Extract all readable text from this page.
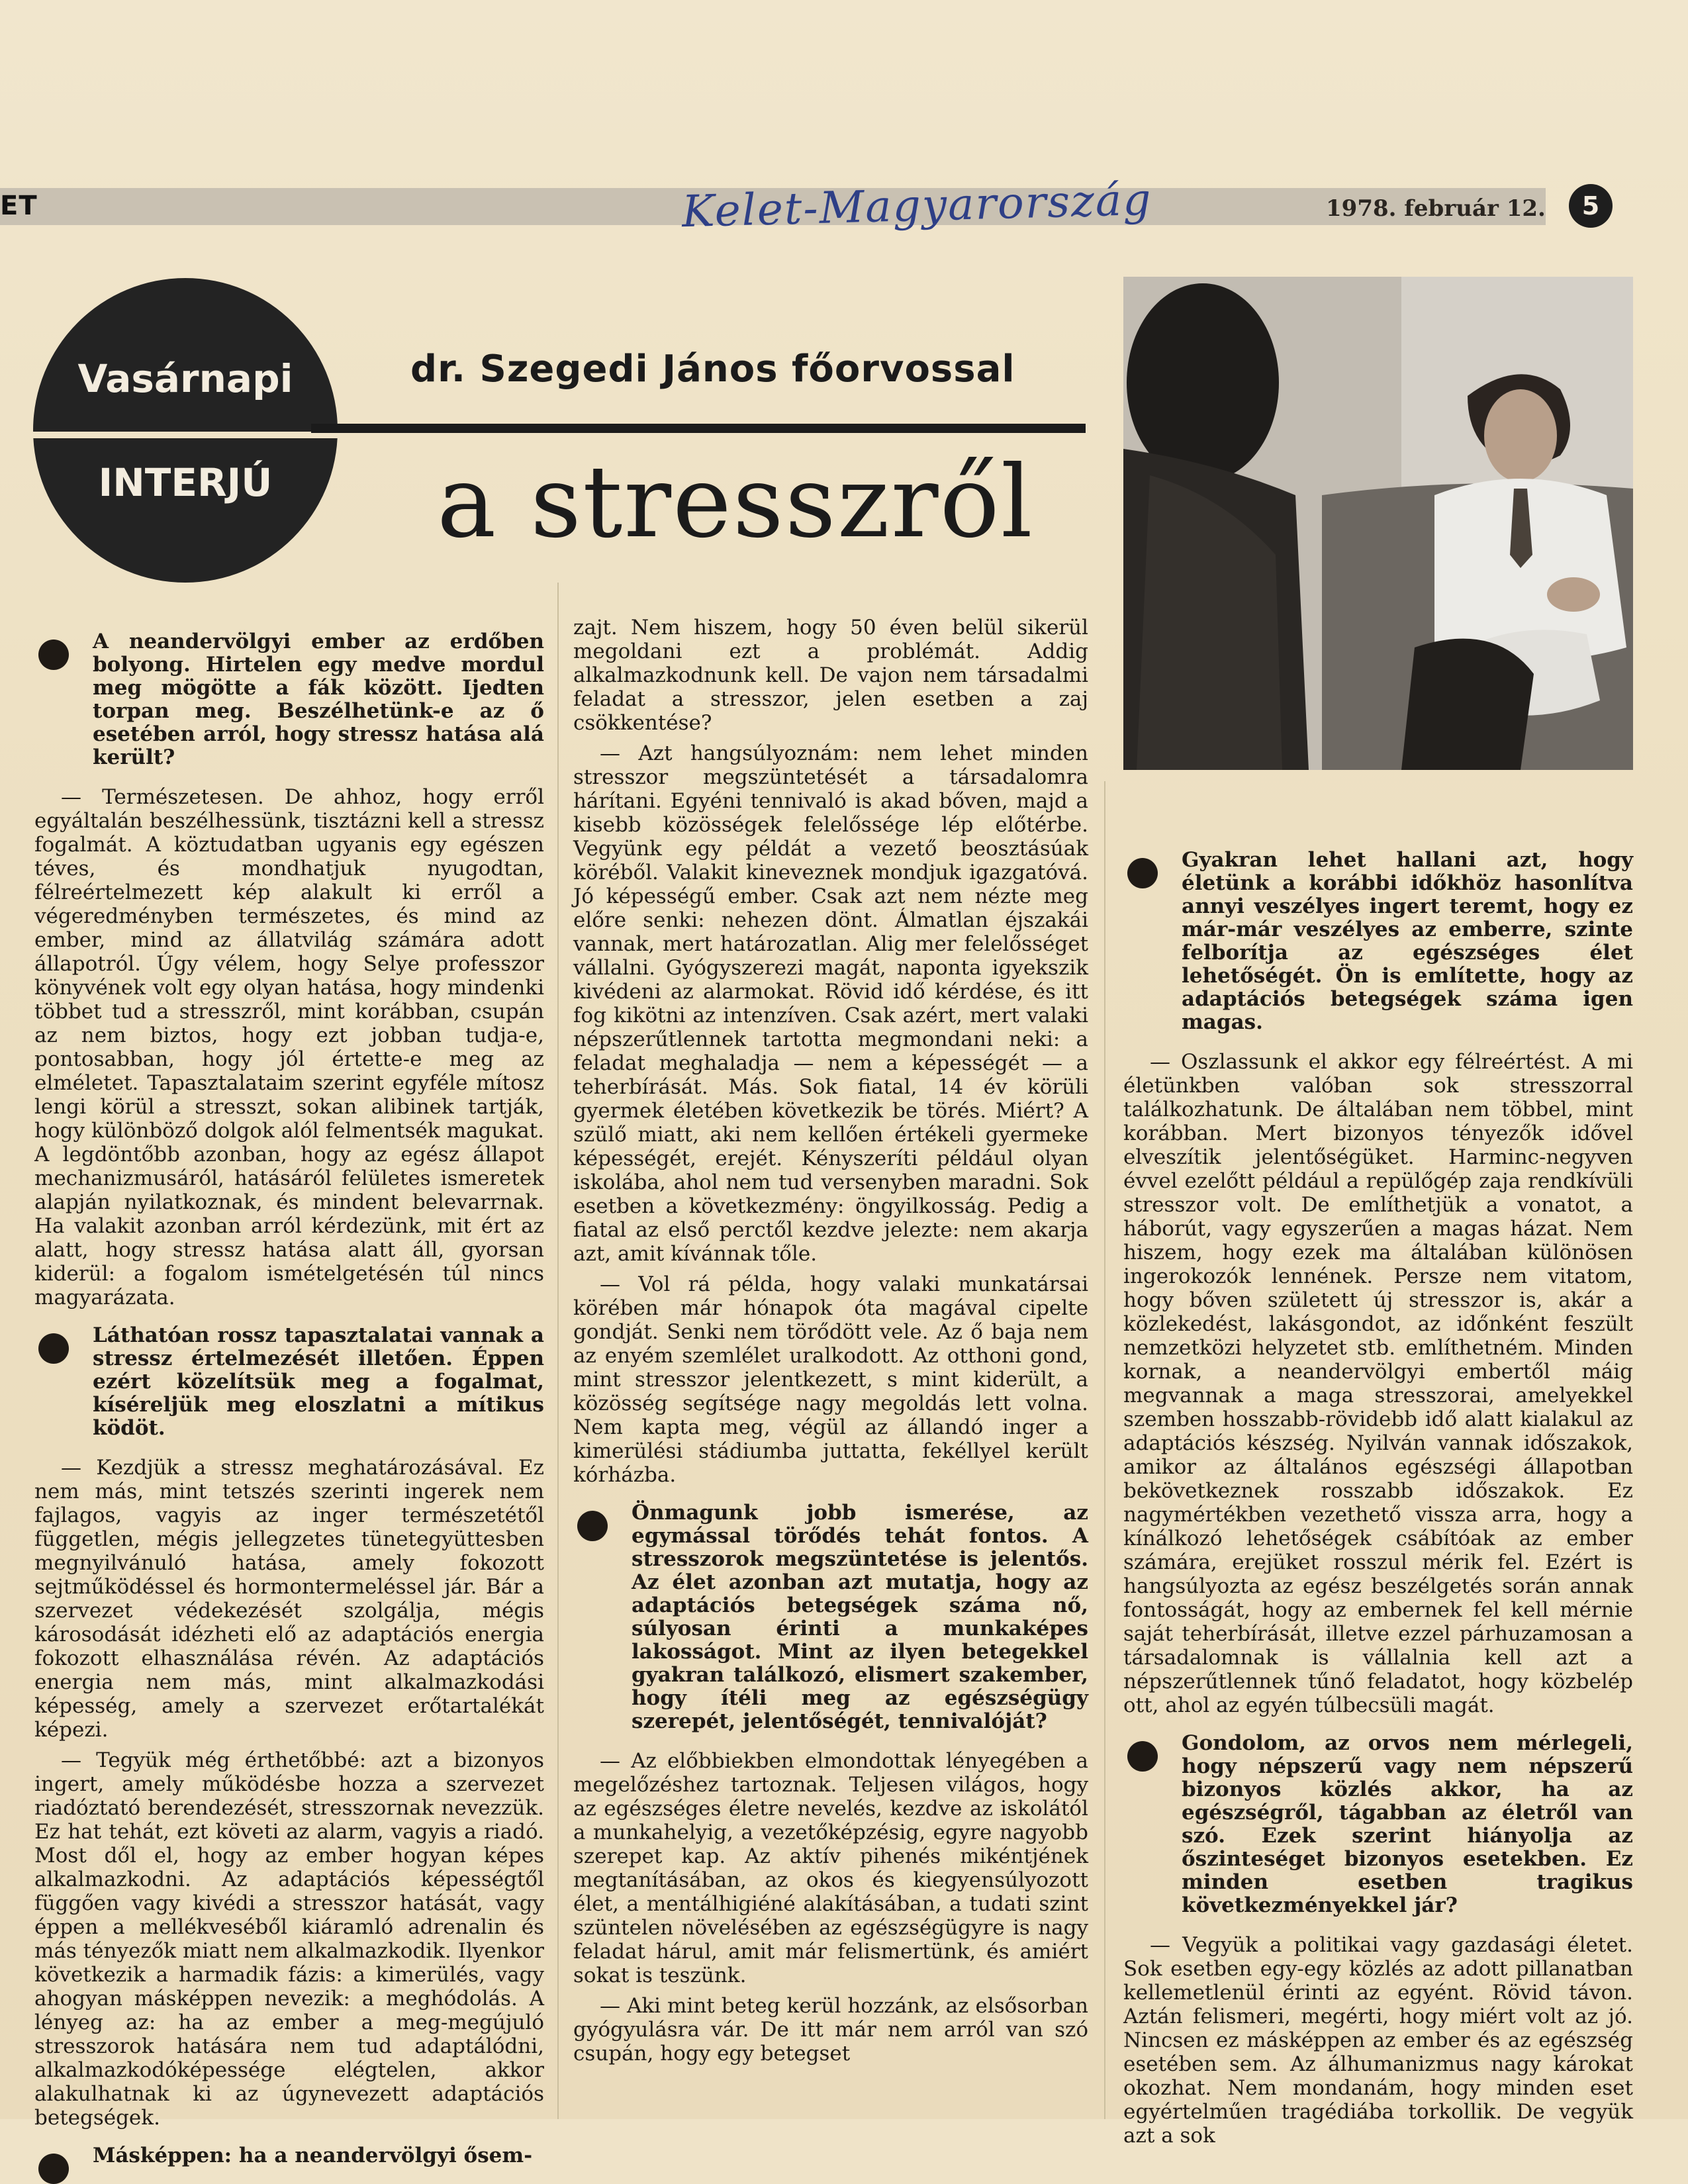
ET	Kelet-Magyarország	1978. február 12.	5
Vasárnapi
INTERJÚ
dr. Szegedi János főorvossal
a stresszről

A neandervölgyi ember az erdőben bolyong. Hirtelen egy medve mordul meg mögötte a fák között. Ijedten torpan meg. Beszélhetünk-e az ő esetében arról, hogy stressz hatása alá került?

— Természetesen. De ahhoz, hogy erről egyáltalán beszélhessünk, tisztázni kell a stressz fogalmát. A köztudatban ugyanis egy egészen téves, és mondhatjuk nyugodtan, félreértelmezett kép alakult ki erről a végeredményben természetes, és mind az ember, mind az állatvilág számára adott állapotról. Úgy vélem, hogy Selye professzor könyvének volt egy olyan hatása, hogy mindenki többet tud a stresszről, mint korábban, csupán az nem biztos, hogy ezt jobban tudja-e, pontosabban, hogy jól értette-e meg az elméletet. Tapasztalataim szerint egyféle mítosz lengi körül a stresszt, sokan alibinek tartják, hogy különböző dolgok alól felmentsék magukat. A legdöntőbb azonban, hogy az egész állapot mechanizmusáról, hatásáról felületes ismeretek alapján nyilatkoznak, és mindent belevarrnak. Ha valakit azonban arról kérdezünk, mit ért az alatt, hogy stressz hatása alatt áll, gyorsan kiderül: a fogalom ismételgetésén túl nincs magyarázata.

Láthatóan rossz tapasztalatai vannak a stressz értelmezését illetően. Éppen ezért közelítsük meg a fogalmat, kíséreljük meg eloszlatni a mítikus ködöt.

— Kezdjük a stressz meghatározásával. Ez nem más, mint tetszés szerinti ingerek nem fajlagos, vagyis az inger természetétől független, mégis jellegzetes tünetegyüttesben megnyilvánuló hatása, amely fokozott sejtműködéssel és hormontermeléssel jár. Bár a szervezet védekezését szolgálja, mégis károsodását idézheti elő az adaptációs energia fokozott elhasználása révén. Az adaptációs energia nem más, mint alkalmazkodási képesség, amely a szervezet erőtartalékát képezi.

— Tegyük még érthetőbbé: azt a bizonyos ingert, amely működésbe hozza a szervezet riadóztató berendezését, stresszornak nevezzük. Ez hat tehát, ezt követi az alarm, vagyis a riadó. Most dől el, hogy az ember hogyan képes alkalmazkodni. Az adaptációs képességtől függően vagy kivédi a stresszor hatását, vagy éppen a mellékveséből kiáramló adrenalin és más tényezők miatt nem alkalmazkodik. Ilyenkor következik a harmadik fázis: a kimerülés, vagy ahogyan másképpen nevezik: a meghódolás. A lényeg az: ha az ember a meg-megújuló stresszorok hatására nem tud adaptálódni, alkalmazkodóképessége elégtelen, akkor alakulhatnak ki az úgynevezett adaptációs betegségek.

Másképpen: ha a neandervölgyi ősem-

zajt. Nem hiszem, hogy 50 éven belül sikerül megoldani ezt a problémát. Addig alkalmazkodnunk kell. De vajon nem társadalmi feladat a stresszor, jelen esetben a zaj csökkentése?

— Azt hangsúlyoznám: nem lehet minden stresszor megszüntetését a társadalomra hárítani. Egyéni tennivaló is akad bőven, majd a kisebb közösségek felelőssége lép előtérbe. Vegyünk egy példát a vezető beosztásúak köréből. Valakit kineveznek mondjuk igazgatóvá. Jó képességű ember. Csak azt nem nézte meg előre senki: nehezen dönt. Álmatlan éjszakái vannak, mert határozatlan. Alig mer felelősséget vállalni. Gyógyszerezi magát, naponta igyekszik kivédeni az alarmokat. Rövid idő kérdése, és itt fog kikötni az intenzíven. Csak azért, mert valaki népszerűtlennek tartotta megmondani neki: a feladat meghaladja — nem a képességét — a teherbírását. Más. Sok fiatal, 14 év körüli gyermek életében következik be törés. Miért? A szülő miatt, aki nem kellően értékeli gyermeke képességét, erejét. Kényszeríti például olyan iskolába, ahol nem tud versenyben maradni. Sok esetben a következmény: öngyilkosság. Pedig a fiatal az első perctől kezdve jelezte: nem akarja azt, amit kívánnak tőle.

— Vol rá példa, hogy valaki munkatársai körében már hónapok óta magával cipelte gondját. Senki nem törődött vele. Az ő baja nem az enyém szemlélet uralkodott. Az otthoni gond, mint stresszor jelentkezett, s mint kiderült, a közösség segítsége nagy megoldás lett volna. Nem kapta meg, végül az állandó inger a kimerülési stádiumba juttatta, fekéllyel került kórházba.

Önmagunk jobb ismerése, az egymással törődés tehát fontos. A stresszorok megszüntetése is jelentős. Az élet azonban azt mutatja, hogy az adaptációs betegségek száma nő, súlyosan érinti a munkaképes lakosságot. Mint az ilyen betegekkel gyakran találkozó, elismert szakember, hogy ítéli meg az egészségügy szerepét, jelentőségét, tennivalóját?

— Az előbbiekben elmondottak lényegében a megelőzéshez tartoznak. Teljesen világos, hogy az egészséges életre nevelés, kezdve az iskolától a munkahelyig, a vezetőképzésig, egyre nagyobb szerepet kap. Az aktív pihenés mikéntjének megtanításában, az okos és kiegyensúlyozott élet, a mentálhigiéné alakításában, a tudati szint szüntelen növelésében az egészségügyre is nagy feladat hárul, amit már felismertünk, és amiért sokat is teszünk.

— Aki mint beteg kerül hozzánk, az elsősorban gyógyulásra vár. De itt már nem arról van szó csupán, hogy egy betegset

Gyakran lehet hallani azt, hogy életünk a korábbi időkhöz hasonlítva annyi veszélyes ingert teremt, hogy ez már-már veszélyes az emberre, szinte felborítja az egészséges élet lehetőségét. Ön is említette, hogy az adaptációs betegségek száma igen magas.

— Oszlassunk el akkor egy félreértést. A mi életünkben valóban sok stresszorral találkozhatunk. De általában nem többel, mint korábban. Mert bizonyos tényezők idővel elveszítik jelentőségüket. Harminc-negyven évvel ezelőtt például a repülőgép zaja rendkívüli stresszor volt. De említhetjük a vonatot, a háborút, vagy egyszerűen a magas házat. Nem hiszem, hogy ezek ma általában különösen ingerokozók lennének. Persze nem vitatom, hogy bőven született új stresszor is, akár a közlekedést, lakásgondot, az időnként feszült nemzetközi helyzetet stb. említhetném. Minden kornak, a neandervölgyi embertől máig megvannak a maga stresszorai, amelyekkel szemben hosszabb-rövidebb idő alatt kialakul az adaptációs készség. Nyilván vannak időszakok, amikor az általános egészségi állapotban bekövetkeznek rosszabb időszakok. Ez nagymértékben vezethető vissza arra, hogy a kínálkozó lehetőségek csábítóak az ember számára, erejüket rosszul mérik fel. Ezért is hangsúlyozta az egész beszélgetés során annak fontosságát, hogy az embernek fel kell mérnie saját teherbírását, illetve ezzel párhuzamosan a társadalomnak is vállalnia kell azt a népszerűtlennek tűnő feladatot, hogy közbelép ott, ahol az egyén túlbecsüli magát.

Gondolom, az orvos nem mérlegeli, hogy népszerű vagy nem népszerű bizonyos közlés akkor, ha az egészségről, tágabban az életről van szó. Ezek szerint hiányolja az őszinteséget bizonyos esetekben. Ez minden esetben tragikus következményekkel jár?

— Vegyük a politikai vagy gazdasági életet. Sok esetben egy-egy közlés az adott pillanatban kellemetlenül érinti az egyént. Rövid távon. Aztán felismeri, megérti, hogy miért volt az jó. Nincsen ez másképpen az ember és az egészség esetében sem. Az álhumanizmus nagy károkat okozhat. Nem mondanám, hogy minden eset egyértelműen tragédiába torkollik. De vegyük azt a sok
